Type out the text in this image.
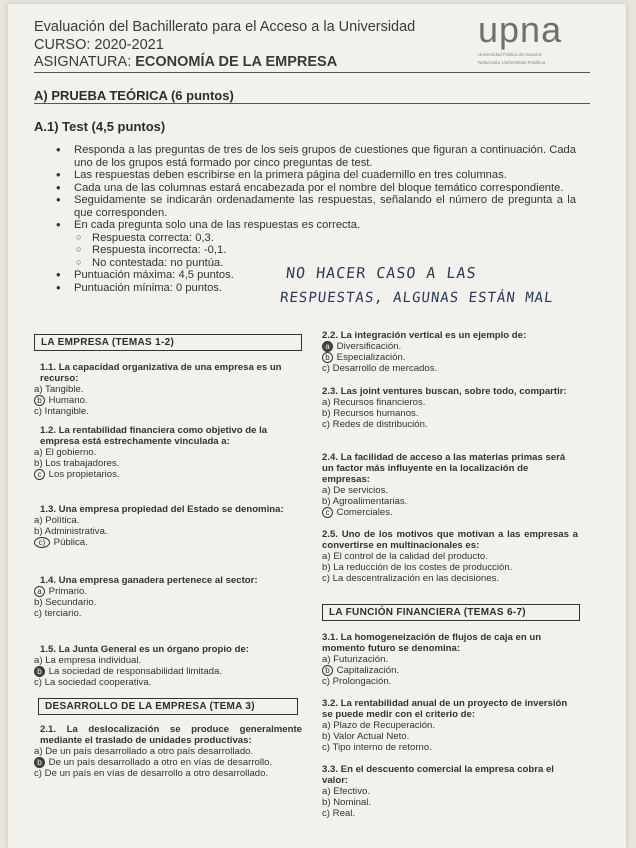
Evaluación del Bachillerato para el Acceso a la Universidad
CURSO: 2020-2021
ASIGNATURA: ECONOMÍA DE LA EMPRESA
upna
Universidad Pública de Navarra
Nafarroako Unibertsitate Publikoa
A) PRUEBA TEÓRICA (6 puntos)
A.1) Test (4,5 puntos)
• Responda a las preguntas de tres de los seis grupos de cuestiones que figuran a continuación. Cada uno de los grupos está formado por cinco preguntas de test.
• Las respuestas deben escribirse en la primera página del cuadernillo en tres columnas.
• Cada una de las columnas estará encabezada por el nombre del bloque temático correspondiente.
• Seguidamente se indicarán ordenadamente las respuestas, señalando el número de pregunta a la que corresponden.
• En cada pregunta solo una de las respuestas es correcta.
○ Respuesta correcta: 0,3.
○ Respuesta incorrecta: -0,1.
○ No contestada: no puntúa.
• Puntuación máxima: 4,5 puntos.
• Puntuación mínima: 0 puntos.
NO HACER CASO A LAS
RESPUESTAS, ALGUNAS ESTÁN MAL
LA EMPRESA (TEMAS 1-2)
1.1. La capacidad organizativa de una empresa es un recurso:
a) Tangible.
b Humano.
c) Intangible.
1.2. La rentabilidad financiera como objetivo de la empresa está estrechamente vinculada a:
a) El gobierno.
b) Los trabajadores.
c Los propietarios.
1.3. Una empresa propiedad del Estado se denomina:
a) Política.
b) Administrativa.
c) Pública.
1.4. Una empresa ganadera pertenece al sector:
a Primario.
b) Secundario.
c) terciario.
1.5. La Junta General es un órgano propio de:
a) La empresa individual.
b La sociedad de responsabilidad limitada.
c) La sociedad cooperativa.
DESARROLLO DE LA EMPRESA (TEMA 3)
2.1. La deslocalización se produce generalmente mediante el traslado de unidades productivas:
a) De un país desarrollado a otro país desarrollado.
b De un país desarrollado a otro en vías de desarrollo.
c) De un país en vías de desarrollo a otro desarrollado.
2.2. La integración vertical es un ejemplo de:
a Diversificación.
b Especialización.
c) Desarrollo de mercados.
2.3. Las joint ventures buscan, sobre todo, compartir:
a) Recursos financieros.
b) Recursos humanos.
c) Redes de distribución.
2.4. La facilidad de acceso a las materias primas será un factor más influyente en la localización de empresas:
a) De servicios.
b) Agroalimentarias.
c Comerciales.
2.5. Uno de los motivos que motivan a las empresas a convertirse en multinacionales es:
a) El control de la calidad del producto.
b) La reducción de los costes de producción.
c) La descentralización en las decisiones.
LA FUNCIÓN FINANCIERA (TEMAS 6-7)
3.1. La homogeneización de flujos de caja en un momento futuro se denomina:
a) Futurización.
b Capitalización.
c) Prolongación.
3.2. La rentabilidad anual de un proyecto de inversión se puede medir con el criterio de:
a) Plazo de Recuperación.
b) Valor Actual Neto.
c) Tipo interno de retorno.
3.3. En el descuento comercial la empresa cobra el valor:
a) Efectivo.
b) Nominal.
c) Real.
